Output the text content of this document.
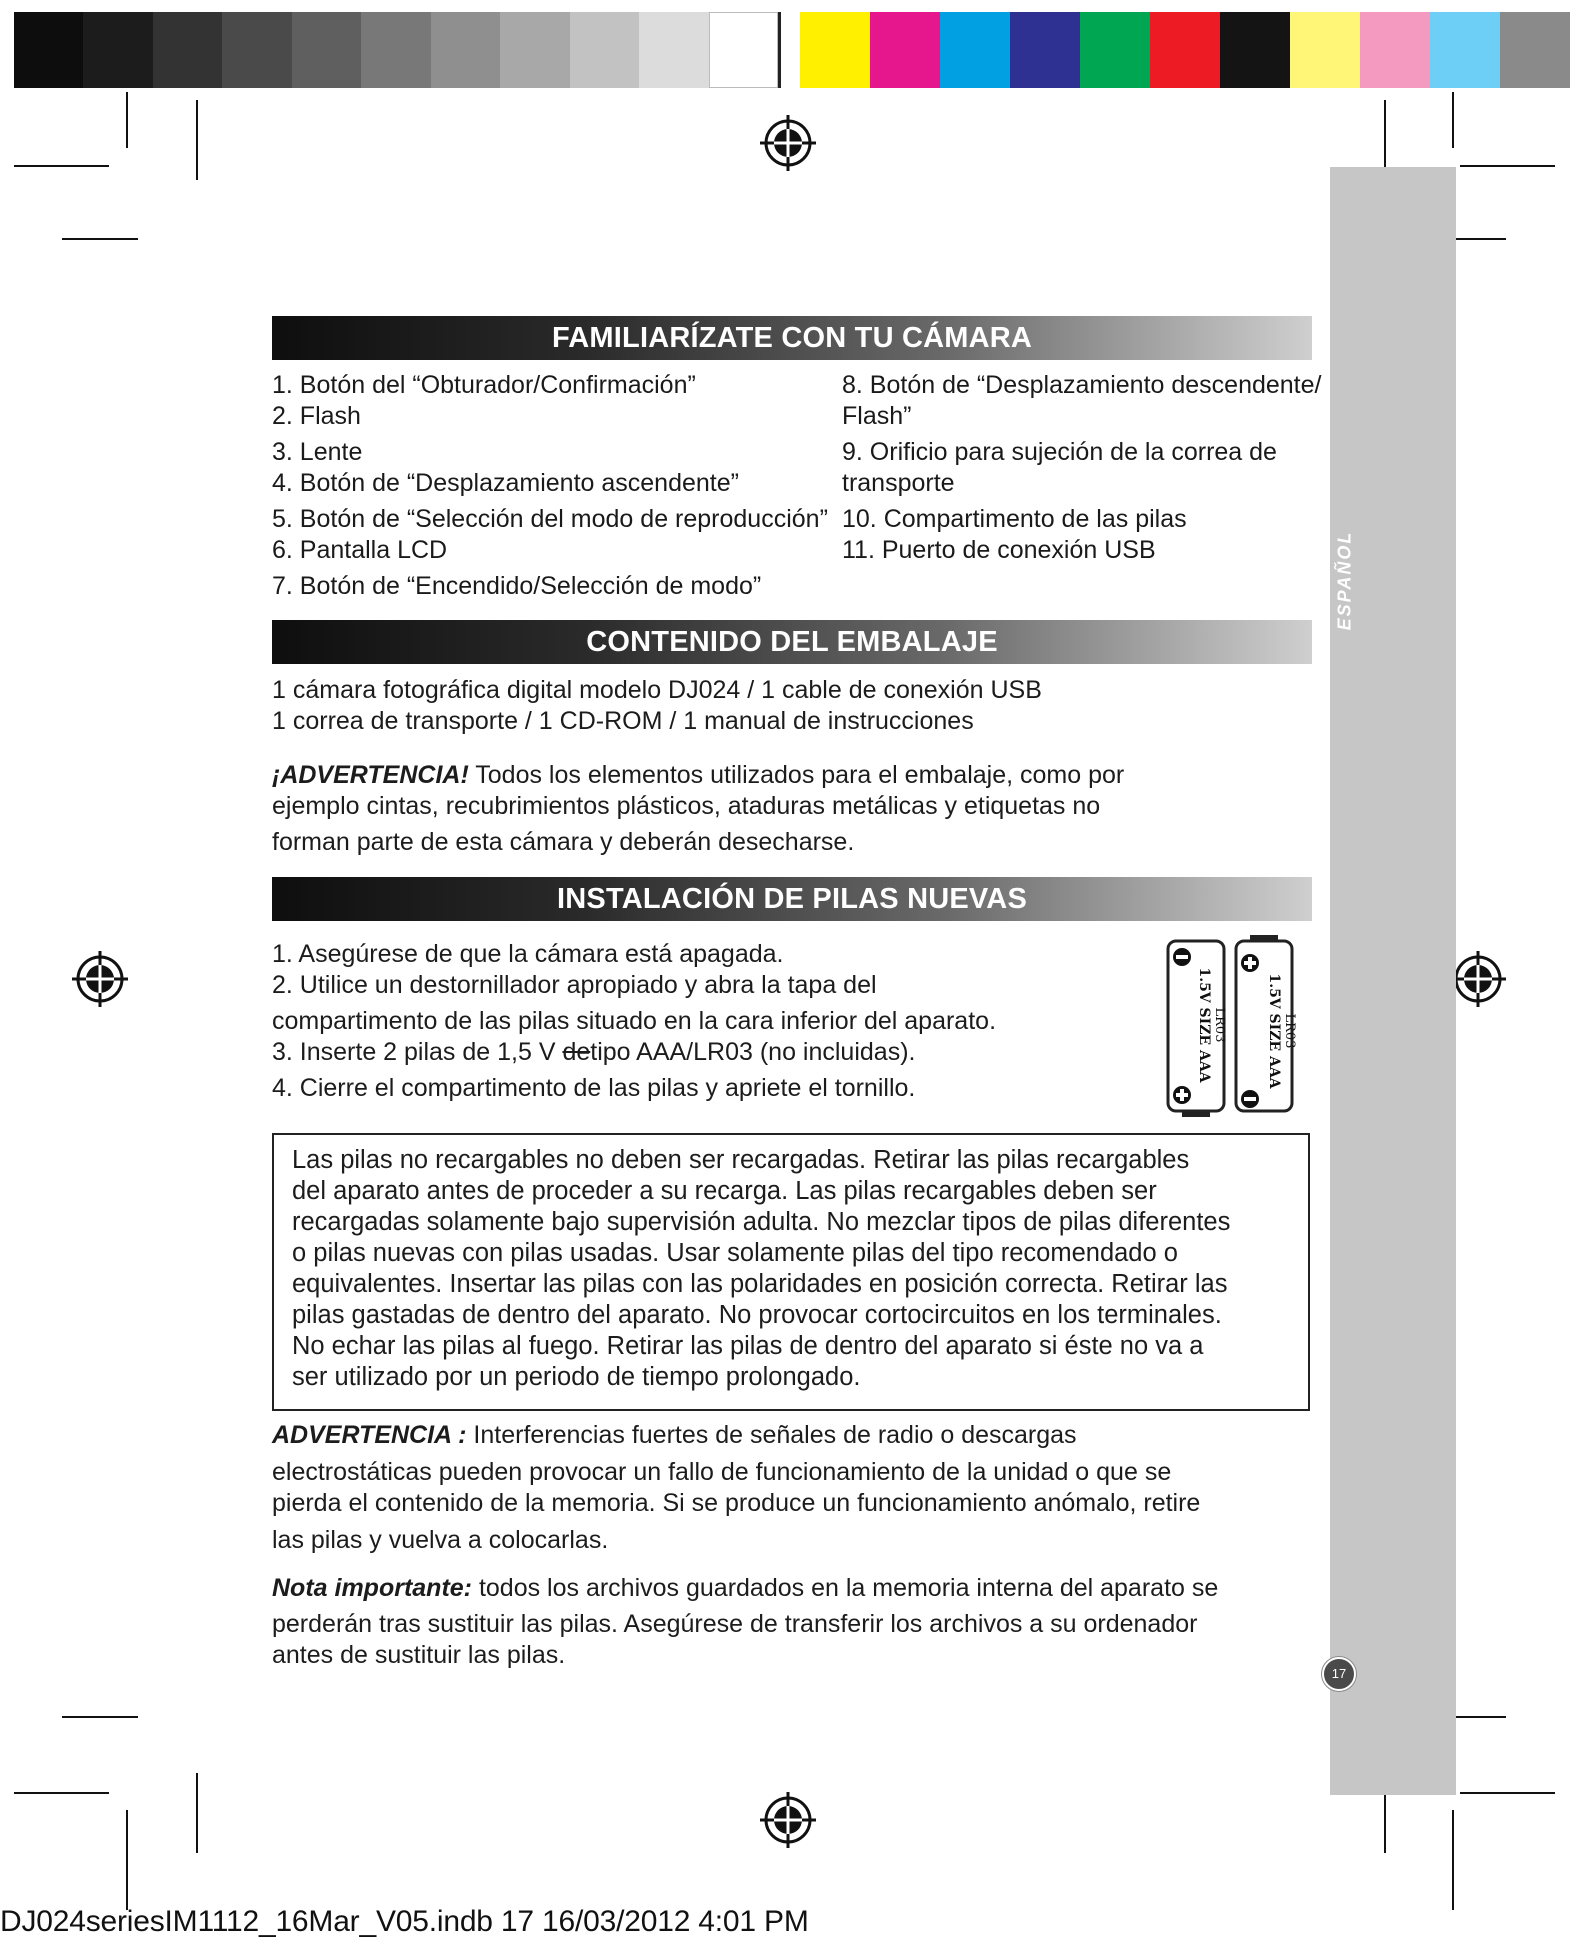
ESPAÑOL
17
FAMILIARÍZATE CON TU CÁMARA
1. Botón del “Obturador/Confirmación”
2. Flash
3. Lente
4. Botón de “Desplazamiento ascendente”
5. Botón de “Selección del modo de reproducción”
6. Pantalla LCD
7. Botón de “Encendido/Selección de modo”
8. Botón de “Desplazamiento descendente/
Flash”
9. Orificio para sujeción de la correa de
transporte
10. Compartimento de las pilas
11. Puerto de conexión USB
CONTENIDO DEL EMBALAJE
1 cámara fotográfica digital modelo DJ024 / 1 cable de conexión USB
1 correa de transporte / 1 CD-ROM / 1 manual de instrucciones
¡ADVERTENCIA! Todos los elementos utilizados para el embalaje, como por
ejemplo cintas, recubrimientos plásticos, ataduras metálicas y etiquetas no
forman parte de esta cámara y deberán desecharse.
INSTALACIÓN DE PILAS NUEVAS
1. Asegúrese de que la cámara está apagada.
2. Utilice un destornillador apropiado y abra la tapa del
compartimento de las pilas situado en la cara inferior del aparato.
3. Inserte 2 pilas de 1,5 V detipo AAA/LR03 (no incluidas).
4. Cierre el compartimento de las pilas y apriete el tornillo.
1.5V SIZE AAA LR03	1.5V SIZE AAA LR03
Las pilas no recargables no deben ser recargadas. Retirar las pilas recargables
del aparato antes de proceder a su recarga. Las pilas recargables deben ser
recargadas solamente bajo supervisión adulta. No mezclar tipos de pilas diferentes
o pilas nuevas con pilas usadas. Usar solamente pilas del tipo recomendado o
equivalentes. Insertar las pilas con las polaridades en posición correcta. Retirar las
pilas gastadas de dentro del aparato. No provocar cortocircuitos en los terminales.
No echar las pilas al fuego. Retirar las pilas de dentro del aparato si éste no va a
ser utilizado por un periodo de tiempo prolongado.
ADVERTENCIA : Interferencias fuertes de señales de radio o descargas
electrostáticas pueden provocar un fallo de funcionamiento de la unidad o que se
pierda el contenido de la memoria. Si se produce un funcionamiento anómalo, retire
las pilas y vuelva a colocarlas.
Nota importante: todos los archivos guardados en la memoria interna del aparato se
perderán tras sustituir las pilas. Asegúrese de transferir los archivos a su ordenador
antes de sustituir las pilas.
DJ024seriesIM1112_16Mar_V05.indb 17 16/03/2012 4:01 PM
